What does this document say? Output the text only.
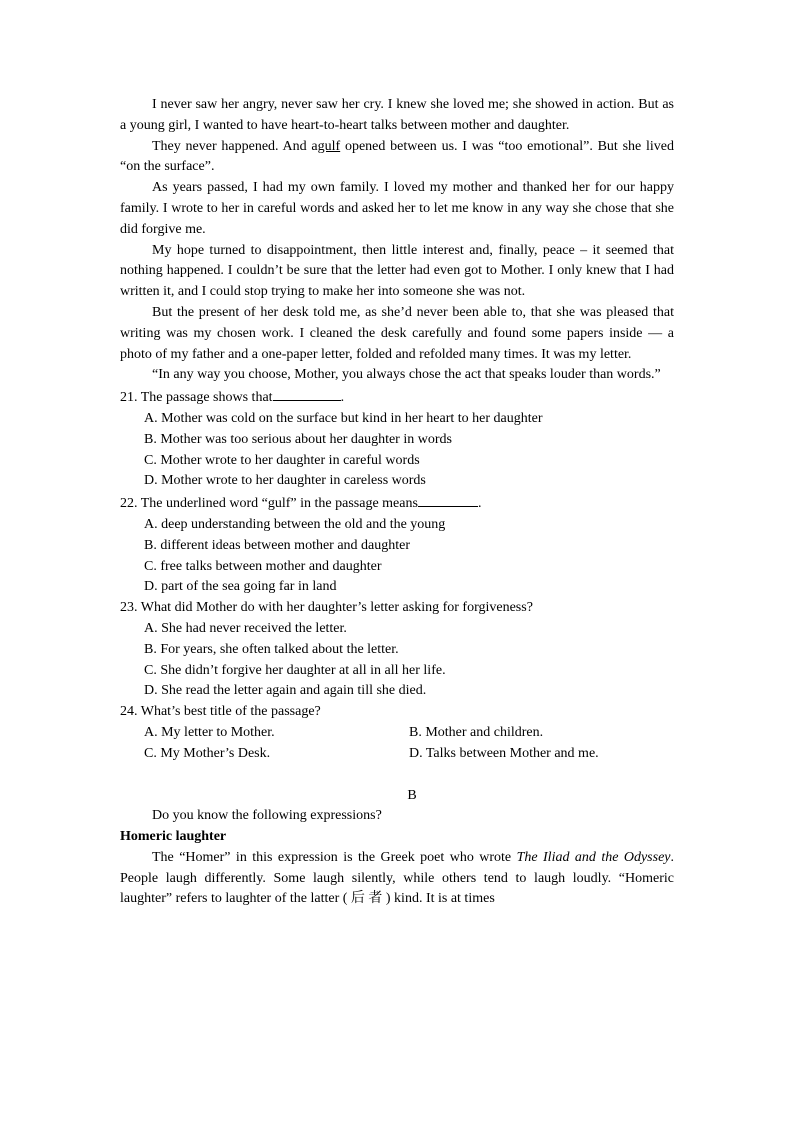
I never saw her angry, never saw her cry. I knew she loved me; she showed in action. But as a young girl, I wanted to have heart-to-heart talks between mother and daughter.

They never happened. And agulf opened between us. I was “too emotional”. But she lived “on the surface”.

As years passed, I had my own family. I loved my mother and thanked her for our happy family. I wrote to her in careful words and asked her to let me know in any way she chose that she did forgive me.

My hope turned to disappointment, then little interest and, finally, peace – it seemed that nothing happened. I couldn’t be sure that the letter had even got to Mother. I only knew that I had written it, and I could stop trying to make her into someone she was not.

But the present of her desk told me, as she’d never been able to, that she was pleased that writing was my chosen work. I cleaned the desk carefully and found some papers inside — a photo of my father and a one-paper letter, folded and refolded many times. It was my letter.

“In any way you choose, Mother, you always chose the act that speaks louder than words.”

21. The passage shows that	.

A. Mother was cold on the surface but kind in her heart to her daughter

B. Mother was too serious about her daughter in words

C. Mother wrote to her daughter in careful words

D. Mother wrote to her daughter in careless words

22. The underlined word “gulf” in the passage means	.

A. deep understanding between the old and the young

B. different ideas between mother and daughter

C. free talks between mother and daughter

D. part of the sea going far in land

23. What did Mother do with her daughter’s letter asking for forgiveness?

A. She had never received the letter.

B. For years, she often talked about the letter.

C. She didn’t forgive her daughter at all in all her life.

D. She read the letter again and again till she died.

24. What’s best title of the passage?

A. My letter to Mother.	B. Mother and children.
C. My Mother’s Desk.	D. Talks between Mother and me.

B

Do you know the following expressions?

Homeric laughter

The “Homer” in this expression is the Greek poet who wrote The Iliad and the Odyssey. People laugh differently. Some laugh silently, while others tend to laugh loudly. “Homeric laughter” refers to laughter of the latter ( 后 者 ) kind. It is at times
